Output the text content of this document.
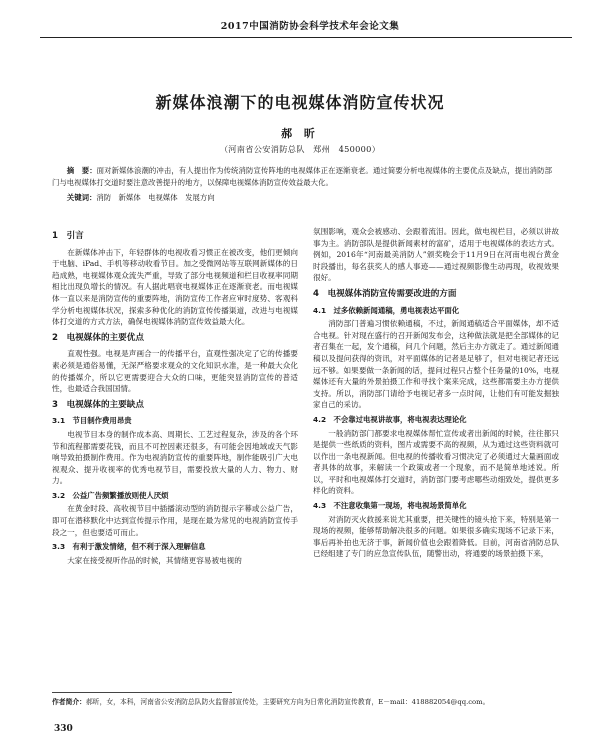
2017中国消防协会科学技术年会论文集
新媒体浪潮下的电视媒体消防宣传状况
郝 昕
（河南省公安消防总队　郑州　450000）
摘　要：面对新媒体浪潮的冲击，有人提出作为传统消防宣传阵地的电视媒体正在逐渐衰老。通过简要分析电视媒体的主要优点及缺点，提出消防部门与电视媒体打交道时要注意改善提升的地方，以保障电视媒体消防宣传效益最大化。
关键词：消防　新媒体　电视媒体　发展方向
1　引言
在新媒体冲击下，年轻群体的电视收看习惯正在被改变，他们更倾向于电脑、iPad、手机等移动收看节目。加之受微网站等互联网新媒体的日趋成熟，电视媒体观众流失严重，导致了部分电视频道和栏目收视率同期相比出现负增长的情况。有人据此唱衰电视媒体正在逐渐衰老。而电视媒体一直以来是消防宣传的重要阵地，消防宣传工作者应审时度势、客观科学分析电视媒体状况，探索多种优化的消防宣传传播渠道，改进与电视媒体打交道的方式方法，确保电视媒体消防宣传效益最大化。
2　电视媒体的主要优点
直观性强。电视是声画合一的传播平台，直观性强决定了它的传播要素必须是通俗易懂，无深严格要求观众的文化知识水准，是一种最大众化的传播媒介，所以它更需要迎合大众的口味，更能突显消防宣传的普适性，也最适合我国国情。
3　电视媒体的主要缺点
3.1　节目制作费用昂贵
电视节目本身的制作成本高、周期长、工艺过程复杂，涉及的各个环节和流程都需要花钱，而且不可控因素还很多，有可能会因地域或天气影响导致拍摄制作费用。作为电视消防宣传的重要阵地，制作能吸引广大电视观众、提升收视率的优秀电视节目，需要投放大量的人力、物力、财力。
3.2　公益广告频繁播放则使人厌烦
在黄金时段、高收视节目中插播滚动型的消防提示字幕或公益广告，即可在潜移默化中达到宣传提示作用，是现在最为常见的电视消防宣传手段之一，但也要适可而止。
3.3　有利于激发情绪，但不利于深入理解信息
大家在接受视听作品的时候，其情绪更容易被电视的
氛围影响，观众会被感动、会跟着流泪。因此，做电视栏目，必须以讲故事为主。消防部队是提供新闻素材的富矿，适用于电视媒体的表达方式。例如，2016年“河南最美消防人”颁奖晚会于11月9日在河南电视台黄金时段播出，每名获奖人的感人事迹——通过视频影像生动再现，收视效果很好。
4　电视媒体消防宣传需要改进的方面
4.1　过多依赖新闻通稿，勇电视表达平面化
消防部门普遍习惯依赖通稿，不过，新闻通稿适合平面媒体，却不适合电视。针对现在盛行的召开新闻发布会，这种做法就是把全部媒体的记者召集在一起，发个通稿，问几个问题，然后主办方就走了。通过新闻通稿以及提问获得的资讯，对平面媒体的记者是足够了，但对电视记者还远远不够。如果要做一条新闻的话，提问过程只占整个任务量的10%，电视媒体还有大量的外景拍摄工作和寻找个案来完成，这些都需要主办方提供支持。所以，消防部门请给予电视记者多一点时间，让他们有可能发掘独家自己的采访。
4.2　不会靠过电视讲故事，将电视表达理论化
一般消防部门都要求电视媒体帮忙宣传或者出新闻的时候，往往都只是提供一些纸质的资料，图片或需要不高的视频，从为通过这些资料就可以作出一条电视新闻。但电视的传播收看习惯决定了必须通过大量画面或者具体的故事，来解读一个政策或者一个现象，而不是简单地述说。所以，平时和电视媒体打交道时，消防部门要考虑哪些动细致处，提供更多样化的资料。
4.3　不注意收集第一现场，将电视场景简单化
对消防灭火救援来说尤其重要，把关键性的镜头抢下来，特别是第一现场的视频，能够帮助解决很多的问题。如果很多确实现场不记录下来，事后再补拍也无济于事，新闻价值也会跟着降低。目前，河南省消防总队已经组建了专门的应急宣传队伍，随警出动，将通要的场景拍摄下来，
作者简介：郝昕，女，本科，河南省公安消防总队防火监督部宣传处，主要研究方向为日常化消防宣传教育，E－mail：418882054@qq.com。
330
